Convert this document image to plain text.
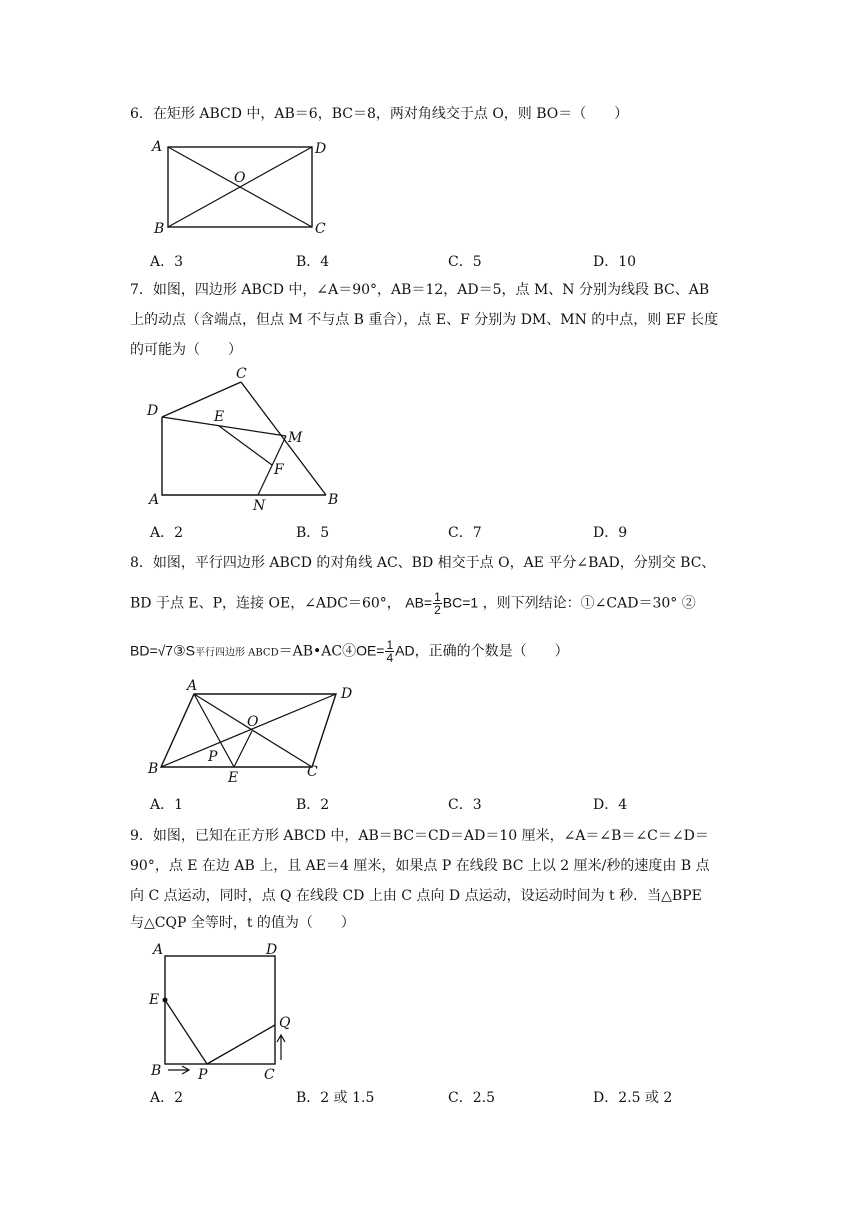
6．在矩形 ABCD 中，AB＝6，BC＝8，两对角线交于点 O，则 BO＝（　　）
A	D
B	C
O
A．3	B．4	C．5	D．10
7．如图，四边形 ABCD 中，∠A＝90°，AB＝12，AD＝5，点 M、N 分别为线段 BC、AB
上的动点（含端点，但点 M 不与点 B 重合），点 E、F 分别为 DM、MN 的中点，则 EF 长度
的可能为（　　）
C
D	E
M
F
A	N	B
A．2	B．5	C．7	D．9
8．如图，平行四边形 ABCD 的对角线 AC、BD 相交于点 O，AE 平分∠BAD，分别交 BC、
BD 于点 E、P，连接 OE，∠ADC＝60°， $AB= \frac{1}{2} BC=1$ ，则下列结论：①∠CAD＝30° ②
BD=√7③S平行四边形 ABCD＝AB•AC④OE= $\frac{1}{4}$ AD，正确的个数是（　　）
A	D
O
P
B
E	C
A．1	B．2	C．3	D．4
9．如图，已知在正方形 ABCD 中，AB＝BC＝CD＝AD＝10 厘米，∠A＝∠B＝∠C＝∠D＝
90°，点 E 在边 AB 上，且 AE＝4 厘米，如果点 P 在线段 BC 上以 2 厘米/秒的速度由 B 点
向 C 点运动，同时，点 Q 在线段 CD 上由 C 点向 D 点运动，设运动时间为 t 秒．当△BPE
与△CQP 全等时，t 的值为（　　）
A	D
E
Q
B	P	C
A．2	B．2 或 1.5	C．2.5	D．2.5 或 2
